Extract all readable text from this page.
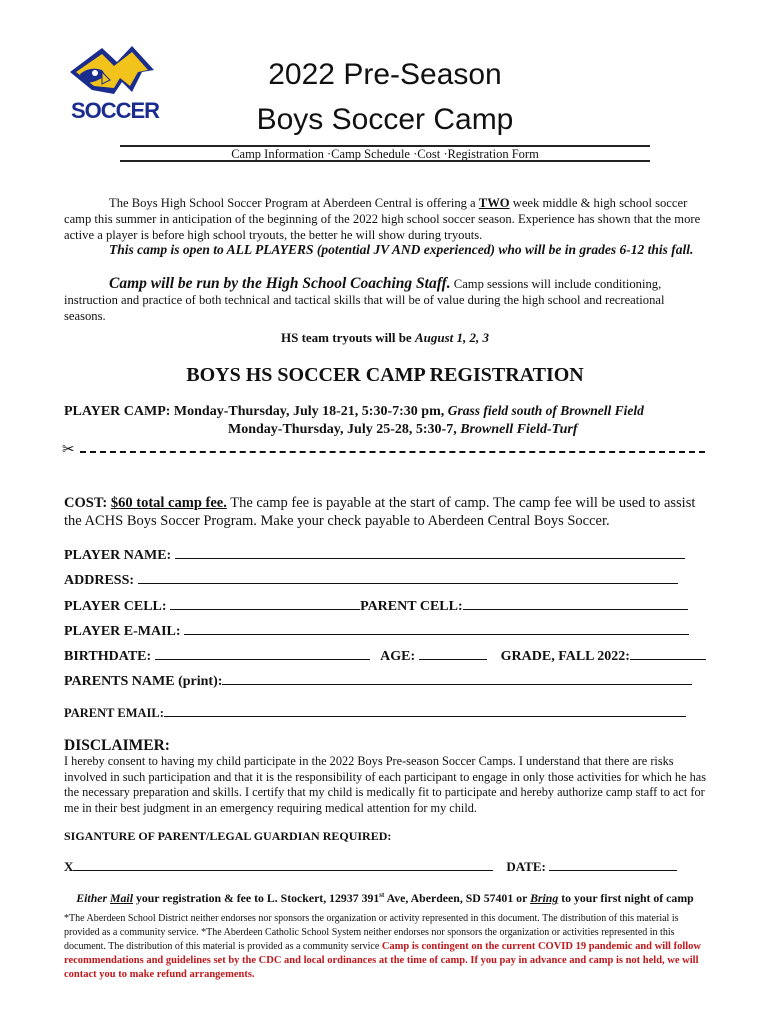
SOCCER
2022 Pre-Season
Boys Soccer Camp
Camp Information ·Camp Schedule ·Cost ·Registration Form
The Boys High School Soccer Program at Aberdeen Central is offering a TWO week middle & high school soccer camp this summer in anticipation of the beginning of the 2022 high school soccer season. Experience has shown that the more active a player is before high school tryouts, the better he will show during tryouts.
This camp is open to ALL PLAYERS (potential JV AND experienced) who will be in grades 6-12 this fall.
Camp will be run by the High School Coaching Staff. Camp sessions will include conditioning, instruction and practice of both technical and tactical skills that will be of value during the high school and recreational seasons.
HS team tryouts will be August 1, 2, 3
BOYS HS SOCCER CAMP REGISTRATION
PLAYER CAMP: Monday-Thursday, July 18-21, 5:30-7:30 pm, Grass field south of Brownell Field
Monday-Thursday, July 25-28, 5:30-7, Brownell Field-Turf
✂
COST: $60 total camp fee. The camp fee is payable at the start of camp. The camp fee will be used to assist the ACHS Boys Soccer Program. Make your check payable to Aberdeen Central Boys Soccer.
PLAYER NAME:
ADDRESS:
PLAYER CELL:	PARENT CELL:
PLAYER E-MAIL:
BIRTHDATE:	AGE:	GRADE, FALL 2022:
PARENTS NAME (print):
PARENT EMAIL:
DISCLAIMER:
I hereby consent to having my child participate in the 2022 Boys Pre-season Soccer Camps. I understand that there are risks involved in such participation and that it is the responsibility of each participant to engage in only those activities for which he has the necessary preparation and skills. I certify that my child is medically fit to participate and hereby authorize camp staff to act for me in their best judgment in an emergency requiring medical attention for my child.
SIGANTURE OF PARENT/LEGAL GUARDIAN REQUIRED:
X	DATE:
Either Mail your registration & fee to L. Stockert, 12937 391st Ave, Aberdeen, SD 57401 or Bring to your first night of camp
*The Aberdeen School District neither endorses nor sponsors the organization or activity represented in this document. The distribution of this material is provided as a community service. *The Aberdeen Catholic School System neither endorses nor sponsors the organization or activities represented in this document. The distribution of this material is provided as a community service Camp is contingent on the current COVID 19 pandemic and will follow recommendations and guidelines set by the CDC and local ordinances at the time of camp. If you pay in advance and camp is not held, we will contact you to make refund arrangements.
